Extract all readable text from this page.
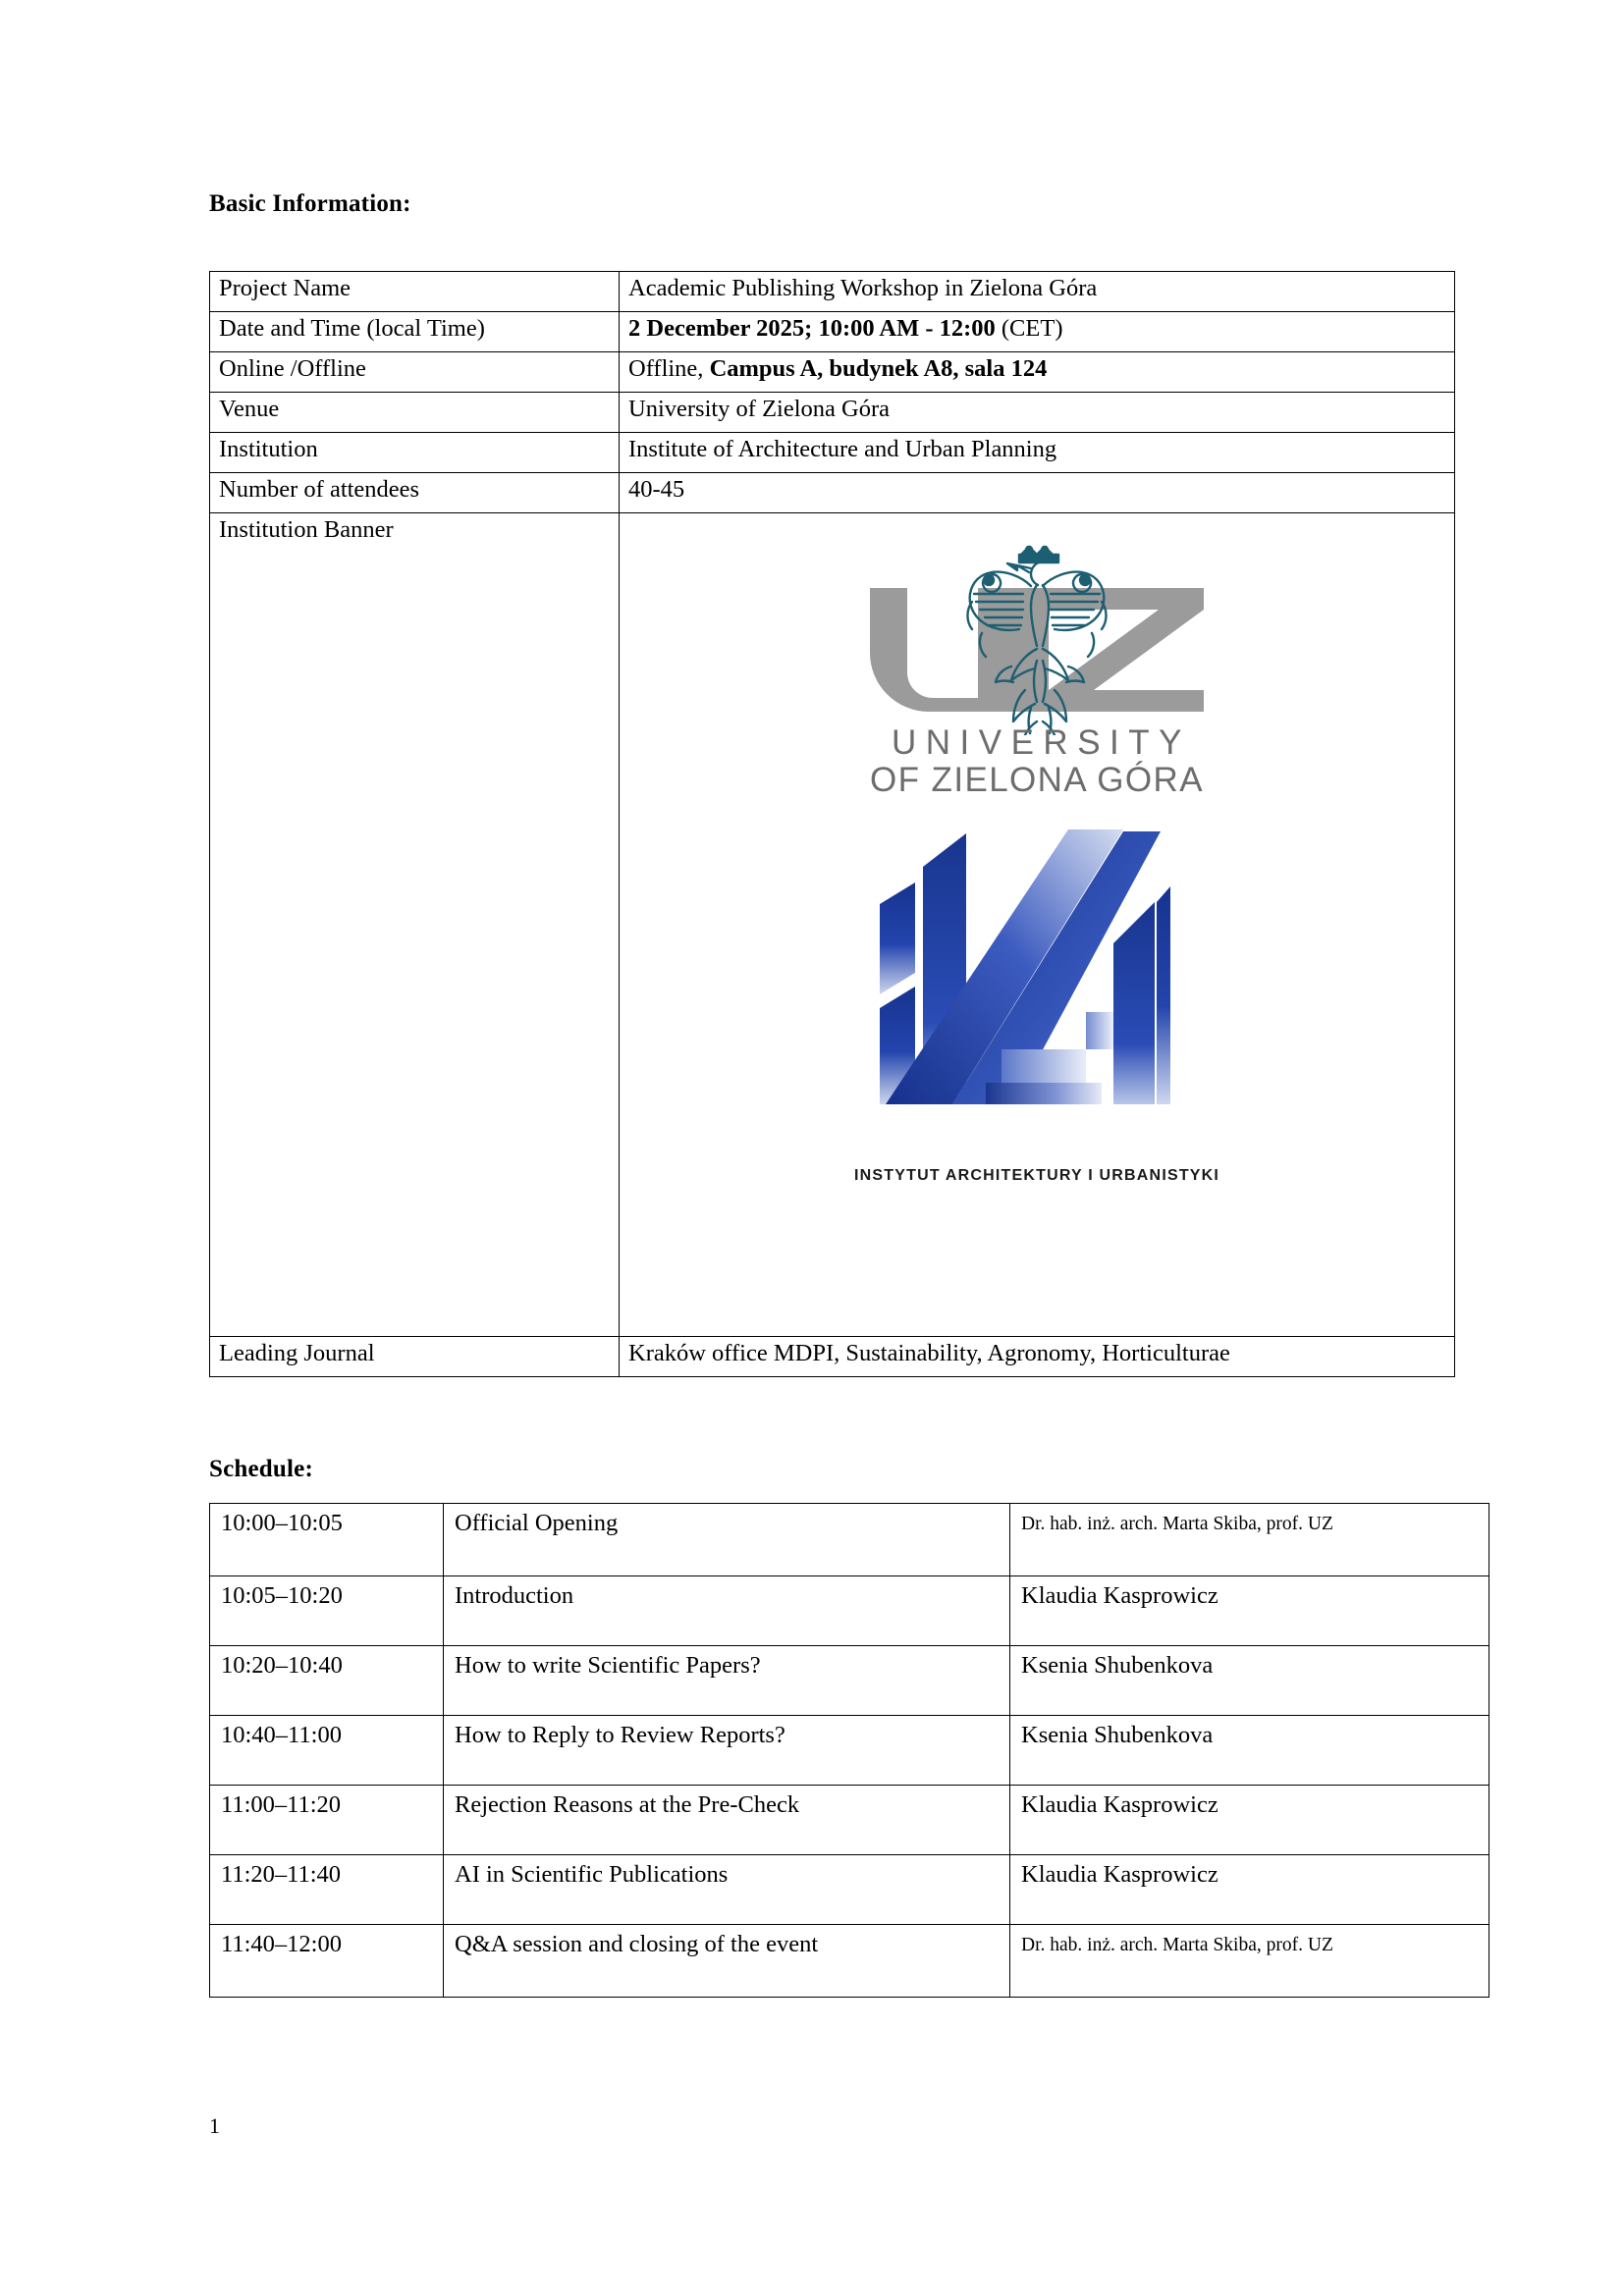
Basic Information:
Project Name	Academic Publishing Workshop in Zielona Góra
Date and Time (local Time)	2 December 2025; 10:00 AM - 12:00 (CET)
Online /Offline	Offline, Campus A, budynek A8, sala 124
Venue	University of Zielona Góra
Institution	Institute of Architecture and Urban Planning
Number of attendees	40-45
Institution Banner	UNIVERSITY
OF ZIELONA GÓRA
INSTYTUT ARCHITEKTURY I URBANISTYKI

Leading Journal	Kraków office MDPI, Sustainability, Agronomy, Horticulturae
Schedule:
10:00–10:05	Official Opening	Dr. hab. inż. arch. Marta Skiba, prof. UZ
10:05–10:20	Introduction	Klaudia Kasprowicz
10:20–10:40	How to write Scientific Papers?	Ksenia Shubenkova
10:40–11:00	How to Reply to Review Reports?	Ksenia Shubenkova
11:00–11:20	Rejection Reasons at the Pre-Check	Klaudia Kasprowicz
11:20–11:40	AI in Scientific Publications	Klaudia Kasprowicz
11:40–12:00	Q&A session and closing of the event	Dr. hab. inż. arch. Marta Skiba, prof. UZ
1
